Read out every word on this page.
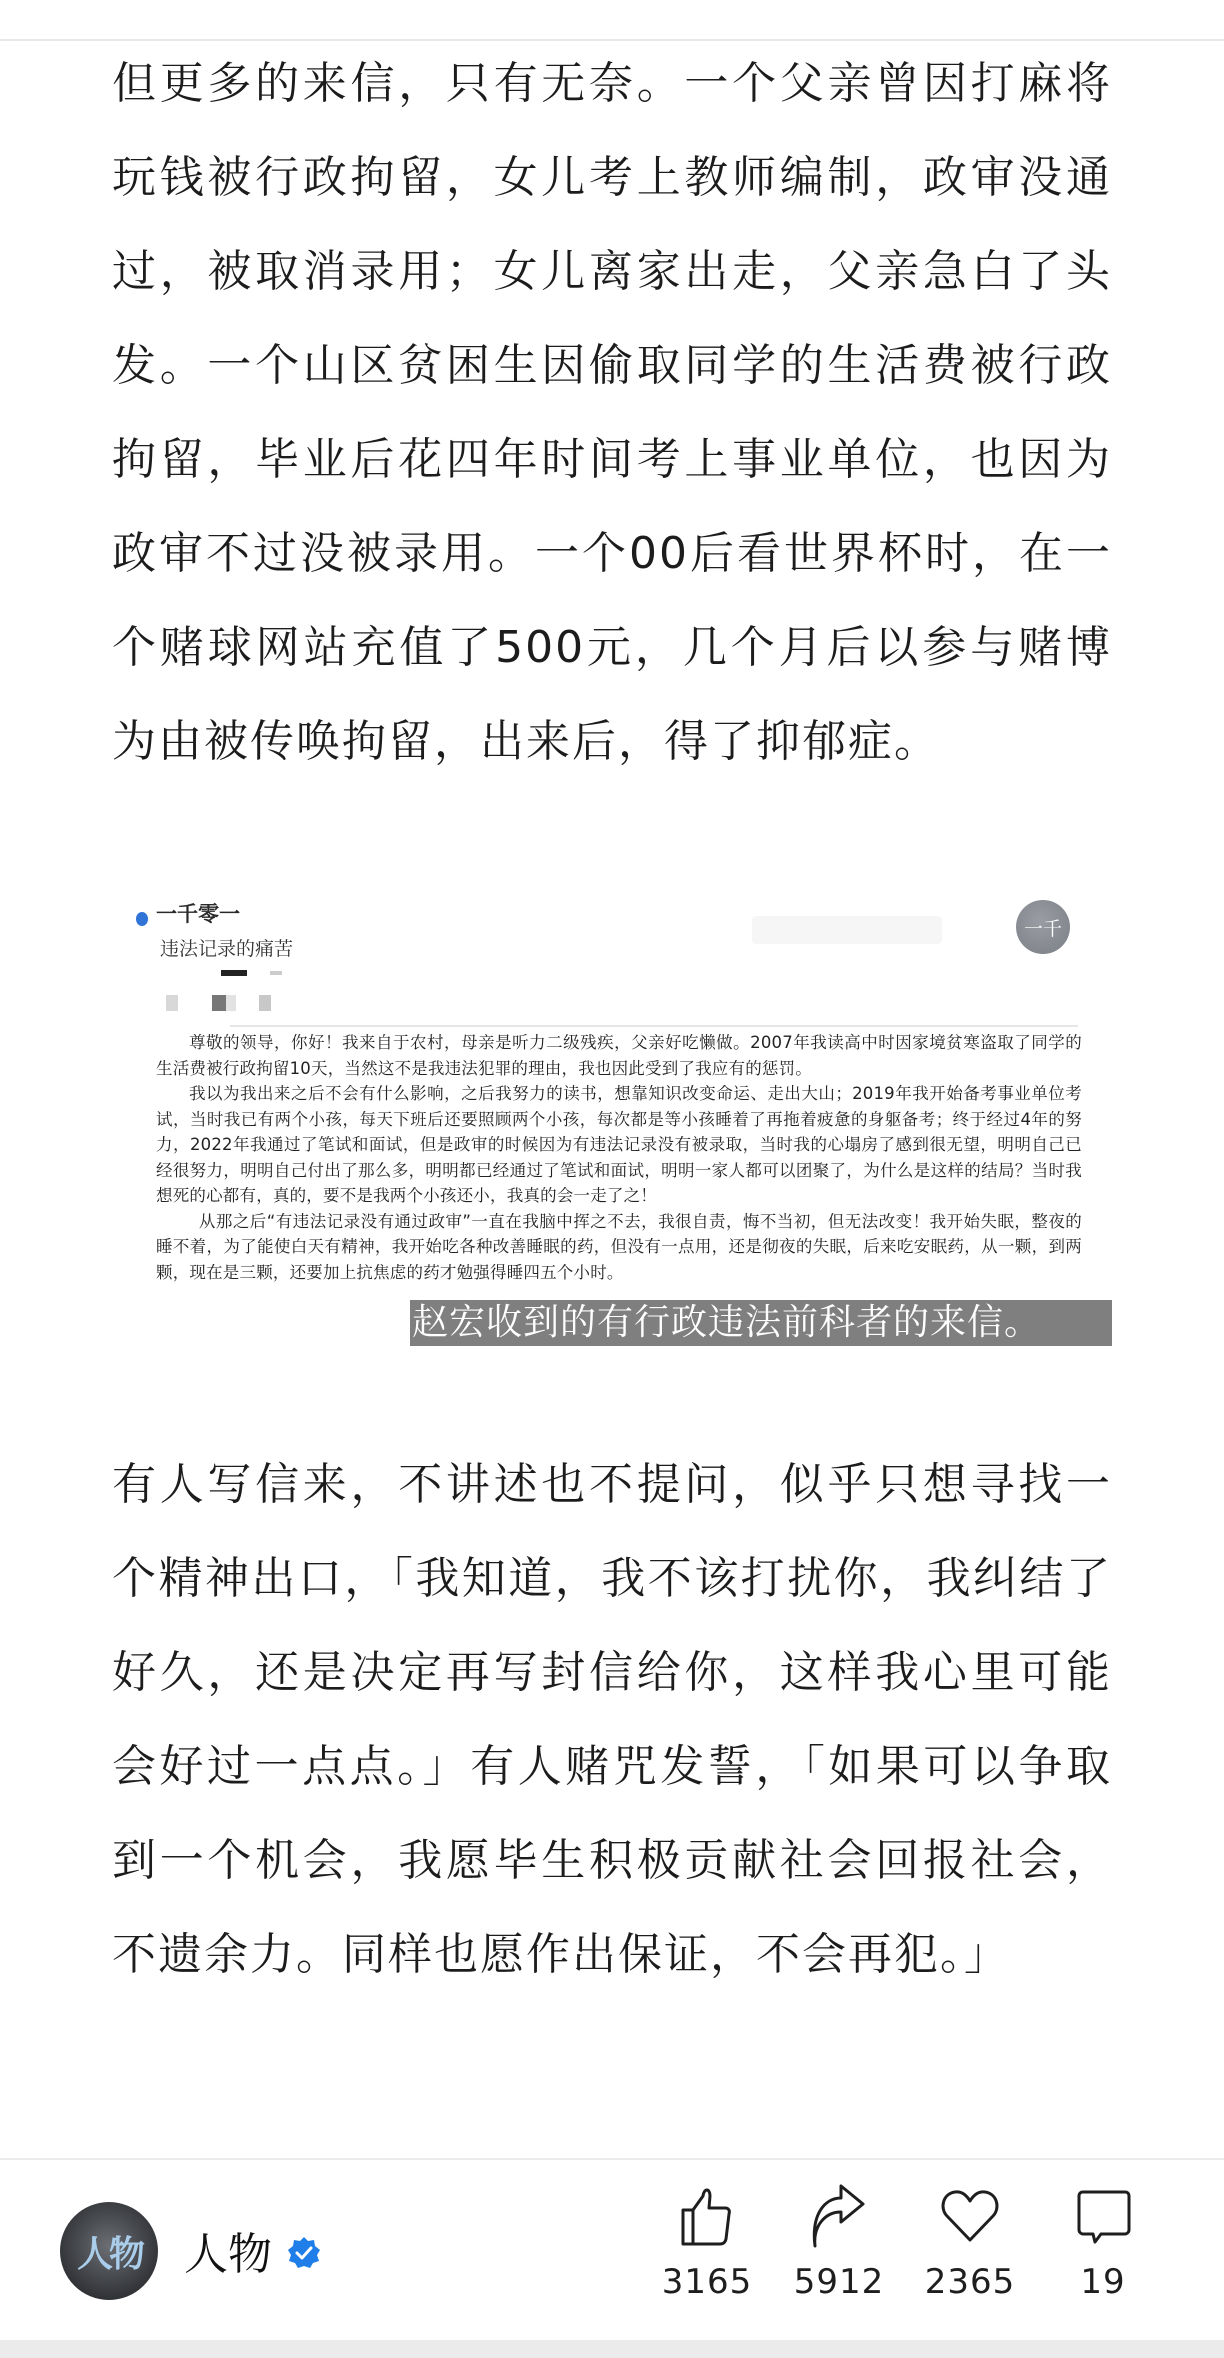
但更多的来信，只有无奈。一个父亲曾因打麻将玩钱被行政拘留，女儿考上教师编制，政审没通过，被取消录用；女儿离家出走，父亲急白了头发。一个山区贫困生因偷取同学的生活费被行政拘留，毕业后花四年时间考上事业单位，也因为政审不过没被录用。一个00后看世界杯时，在一个赌球网站充值了500元，几个月后以参与赌博为由被传唤拘留，出来后，得了抑郁症。

一千零一
违法记录的痛苦
一千

尊敬的领导，你好！我来自于农村，母亲是听力二级残疾，父亲好吃懒做。2007年我读高中时因家境贫寒盗取了同学的生活费被行政拘留10天，当然这不是我违法犯罪的理由，我也因此受到了我应有的惩罚。

我以为我出来之后不会有什么影响，之后我努力的读书，想靠知识改变命运、走出大山；2019年我开始备考事业单位考试，当时我已有两个小孩，每天下班后还要照顾两个小孩，每次都是等小孩睡着了再拖着疲惫的身躯备考；终于经过4年的努力，2022年我通过了笔试和面试，但是政审的时候因为有违法记录没有被录取，当时我的心塌房了感到很无望，明明自己已经很努力，明明自己付出了那么多，明明都已经通过了笔试和面试，明明一家人都可以团聚了，为什么是这样的结局？当时我想死的心都有，真的，要不是我两个小孩还小，我真的会一走了之！

从那之后“有违法记录没有通过政审”一直在我脑中挥之不去，我很自责，悔不当初，但无法改变！我开始失眠，整夜的睡不着，为了能使白天有精神，我开始吃各种改善睡眠的药，但没有一点用，还是彻夜的失眠，后来吃安眠药，从一颗，到两颗，现在是三颗，还要加上抗焦虑的药才勉强得睡四五个小时。

赵宏收到的有行政违法前科者的来信。

有人写信来，不讲述也不提问，似乎只想寻找一个精神出口，「我知道，我不该打扰你，我纠结了好久，还是决定再写封信给你，这样我心里可能会好过一点点。」有人赌咒发誓，「如果可以争取到一个机会，我愿毕生积极贡献社会回报社会，不遗余力。同样也愿作出保证，不会再犯。」

人物 人物
3165 5912 2365	19
